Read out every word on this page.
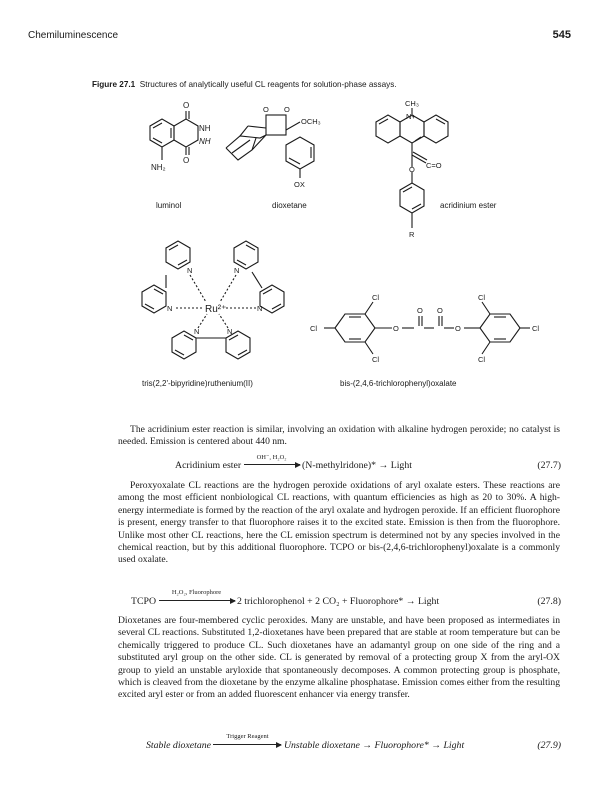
Chemiluminescence	545
Figure 27.1 Structures of analytically useful CL reagents for solution-phase assays.
O
NH
NH
O
NH₂
O O
OCH₃
OX
CH₃
N+
C=O
O
R
N
N
N
N
N	N
Ru²⁺
Cl
Cl
Cl
O
O O
O
Cl
Cl
Cl
luminol	dioxetane	acridinium ester
tris(2,2'-bipyridine)ruthenium(II)	bis-(2,4,6-trichlorophenyl)oxalate
The acridinium ester reaction is similar, involving an oxidation with alkaline hydrogen peroxide; no catalyst is needed. Emission is centered about 440 nm.
Acridinium ester
OH⁻, H₂O₂
(N-methylridone)* → Light	(27.7)
Peroxyoxalate CL reactions are the hydrogen peroxide oxidations of aryl oxalate esters. These reactions are among the most efficient nonbiological CL reactions, with quantum efficiencies as high as 20 to 30%. A high-energy intermediate is formed by the reaction of the aryl oxalate and hydrogen peroxide. If an efficient fluorophore is present, energy transfer to that fluorophore raises it to the excited state. Emission is then from the fluorophore. Unlike most other CL reactions, here the CL emission spectrum is determined not by any species involved in the chemical reaction, but by this additional fluorophore. TCPO or bis-(2,4,6-trichlorophenyl)oxalate is a commonly used oxalate.
TCPO
H₂O₂, Fluorophore
2 trichlorophenol + 2 CO₂ + Fluorophore* → Light	(27.8)
Dioxetanes are four-membered cyclic peroxides. Many are unstable, and have been proposed as intermediates in several CL reactions. Substituted 1,2-dioxetanes have been prepared that are stable at room temperature but can be chemically triggered to produce CL. Such dioxetanes have an adamantyl group on one side of the ring and a substituted aryl group on the other side. CL is generated by removal of a protecting group X from the aryl-OX group to yield an unstable aryloxide that spontaneously decomposes. A common protecting group is phosphate, which is cleaved from the dioxetane by the enzyme alkaline phosphatase. Emission comes either from the resulting excited aryl ester or from an added fluorescent enhancer via energy transfer.
Stable dioxetane
Trigger Reagent
Unstable dioxetane → Fluorophore* → Light	(27.9)
